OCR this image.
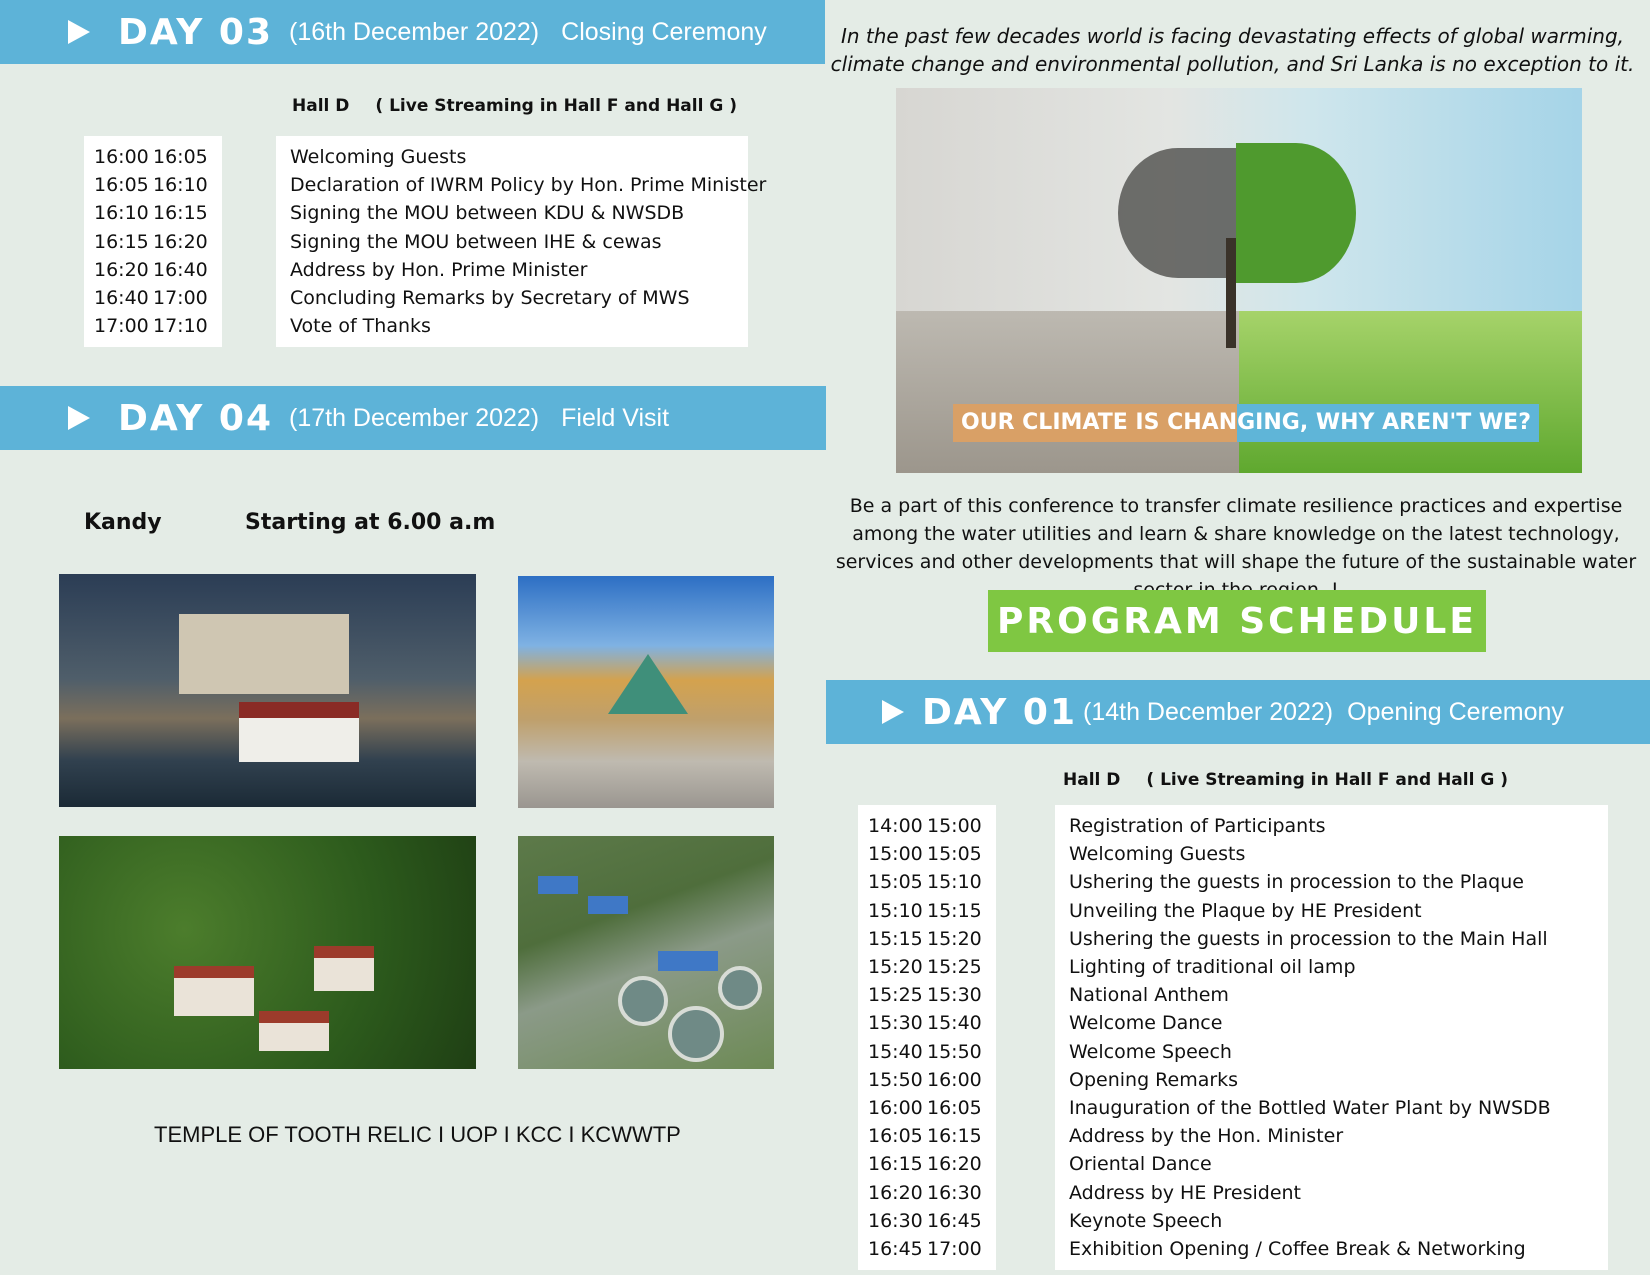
DAY 03 (16th December 2022) Closing Ceremony
Hall D ( Live Streaming in Hall F and Hall G )
16:00 16:05
16:05 16:10
16:10 16:15
16:15 16:20
16:20 16:40
16:40 17:00
17:00 17:10
Welcoming Guests
Declaration of IWRM Policy by Hon. Prime Minister
Signing the MOU between KDU & NWSDB
Signing the MOU between IHE & cewas
Address by Hon. Prime Minister
Concluding Remarks by Secretary of MWS
Vote of Thanks
DAY 04 (17th December 2022) Field Visit
Kandy	Starting at 6.00 a.m
TEMPLE OF TOOTH RELIC I UOP I KCC I KCWWTP
In the past few decades world is facing devastating effects of global warming, climate change and environmental pollution, and Sri Lanka is no exception to it.
OUR CLIMATE IS CHAN GING, WHY AREN'T WE?
Be a part of this conference to transfer climate resilience practices and expertise among the water utilities and learn & share knowledge on the latest technology, services and other developments that will shape the future of the sustainable water
PROGRAM SCHEDULE
DAY 01 (14th December 2022) Opening Ceremony
Hall D ( Live Streaming in Hall F and Hall G )
14:00 15:00
15:00 15:05
15:05 15:10
15:10 15:15
15:15 15:20
15:20 15:25
15:25 15:30
15:30 15:40
15:40 15:50
15:50 16:00
16:00 16:05
16:05 16:15
16:15 16:20
16:20 16:30
16:30 16:45
16:45 17:00
Registration of Participants
Welcoming Guests
Ushering the guests in procession to the Plaque
Unveiling the Plaque by HE President
Ushering the guests in procession to the Main Hall
Lighting of traditional oil lamp
National Anthem
Welcome Dance
Welcome Speech
Opening Remarks
Inauguration of the Bottled Water Plant by NWSDB
Address by the Hon. Minister
Oriental Dance
Address by HE President
Keynote Speech
Exhibition Opening / Coffee Break & Networking
